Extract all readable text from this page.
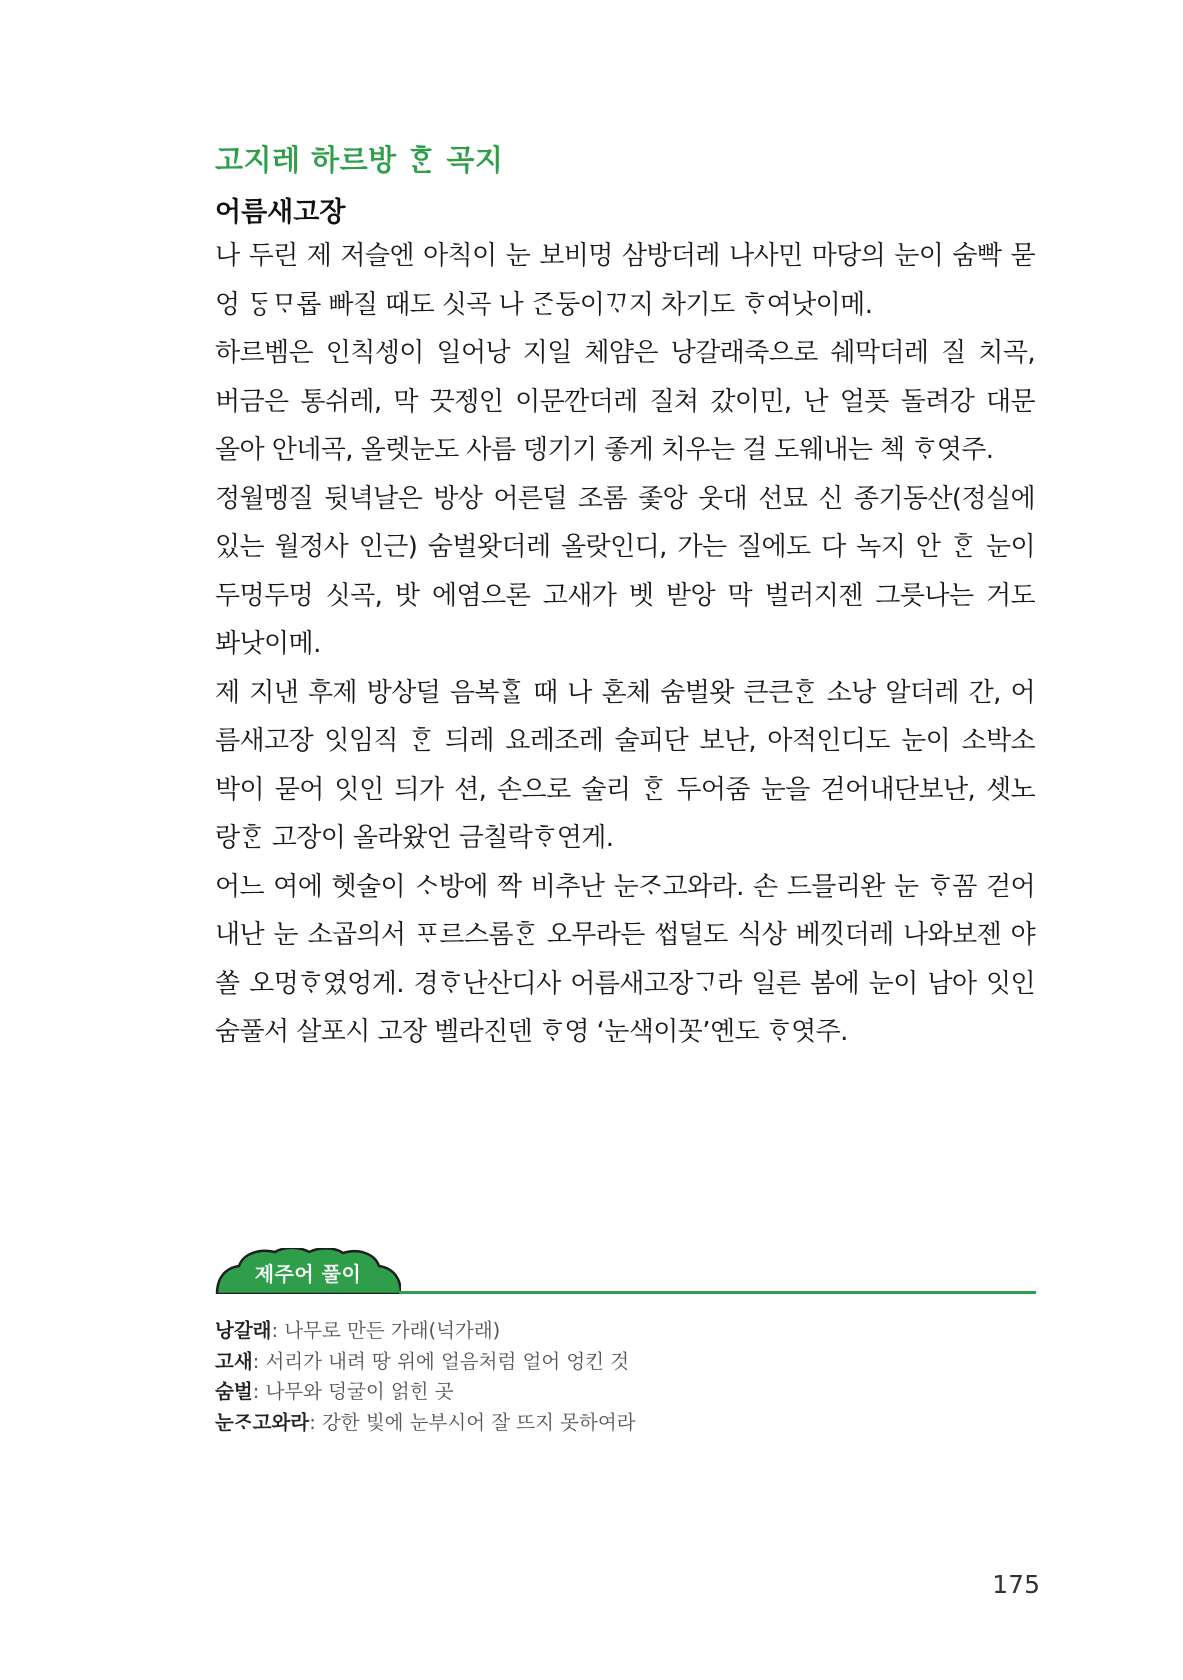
고지레 하르방 ᄒᆞᆫ 곡지
어름새고장
나 두린 제 저슬엔 아칙이 눈 보비멍 삼방더레 나사민 마당의 눈이 숨빡 묻
엉 ᄃᆞᆼᄆᆞ롭 빠질 때도 싯곡 나 ᄌᆞᆫ둥이ᄁᆞ지 차기도 ᄒᆞ여낫이메.
하르벰은 인칙셍이 일어낭 지일 체얌은 낭갈래죽으로 쉐막더레 질 치곡,
버금은 통쉬레, 막 끗젱인 이문깐더레 질쳐 갔이민, 난 얼픗 돌려강 대문
올아 안네곡, 올렛눈도 사름 뎅기기 좋게 치우는 걸 도웨내는 첵 ᄒᆞ엿주.
정월멩질 뒷녁날은 방상 어른덜 조롬 좇앙 웃대 선묘 신 종기동산(정실에
있는 월정사 인근) 숨벌왓더레 올랏인디, 가는 질에도 다 녹지 안 ᄒᆞᆫ 눈이
두멍두멍 싯곡, 밧 에염으론 고새가 벳 받앙 막 벌러지젠 그릇나는 거도
봐낫이메.
제 지낸 후제 방상덜 음복ᄒᆞᆯ 때 나 혼체 숨벌왓 큰큰ᄒᆞᆫ 소낭 알더레 간, 어
름새고장 잇임직 ᄒᆞᆫ 듸레 요레조레 술피단 보난, 아적인디도 눈이 소박소
박이 묻어 잇인 듸가 션, 손으로 술리 ᄒᆞᆫ 두어줌 눈을 걷어내단보난, 셋노
랑ᄒᆞᆫ 고장이 올라왔언 금칠락ᄒᆞ연게.
어느 여에 헷술이 ᄉᆞ방에 짝 비추난 눈ᄌᆞ고와라. 손 드믈리완 눈 ᄒᆞ꼼 걷어
내난 눈 소곱의서 ᄑᆞ르스롬ᄒᆞᆫ 오무라든 썹덜도 식상 베낏더레 나와보젠 야
쏠 오멍ᄒᆞ였엉게. 경ᄒᆞ난산디사 어름새고장ᄀᆞ라 일른 봄에 눈이 남아 잇인
숨풀서 살포시 고장 벨라진덴 ᄒᆞ영 ‘눈색이꼿’옌도 ᄒᆞ엿주.
제주어 풀이
낭갈래: 나무로 만든 가래(넉가래)
고새: 서리가 내려 땅 위에 얼음처럼 얼어 엉킨 것
숨벌: 나무와 덩굴이 얽힌 곳
눈ᄌᆞ고와라: 강한 빛에 눈부시어 잘 뜨지 못하여라
175
